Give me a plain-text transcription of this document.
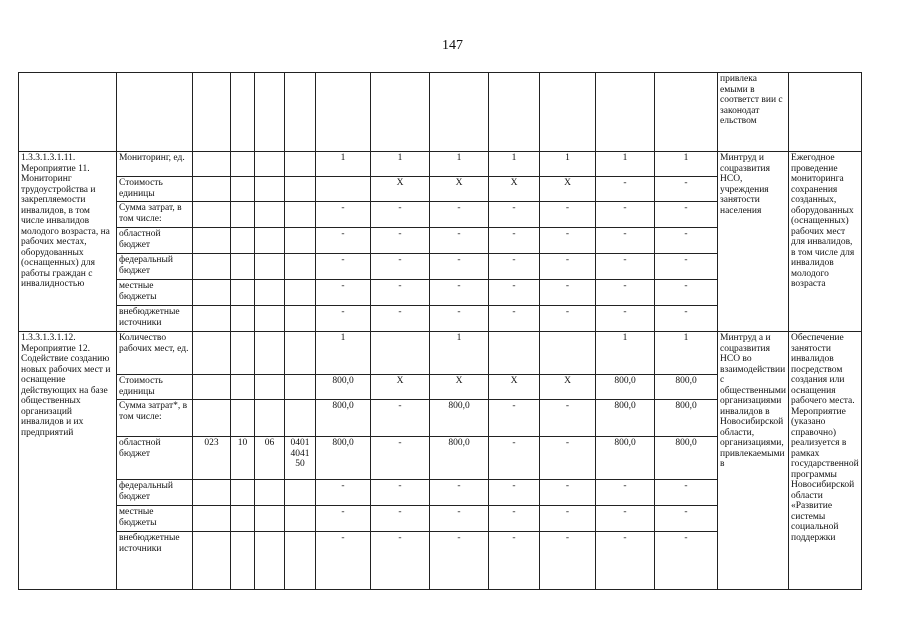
147
													привлека емыми в соответст вии с законодат ельством	
1.3.3.1.3.1.11. Мероприятие 11. Мониторинг трудоустройства и закрепляемости инвалидов, в том числе инвалидов молодого возраста, на рабочих местах, оборудованных (оснащенных) для работы граждан с инвалидностью	Мониторинг, ед.					1	1	1	1	1	1	1	Минтруд и соцразвития НСО, учреждения занятости населения	Ежегодное проведение мониторинга сохранения созданных, оборудованных (оснащенных) рабочих мест для инвалидов, в том числе для инвалидов молодого возраста
	Стоимость единицы						X	X	X	X	-	-		
	Сумма затрат, в том числе:					-	-	-	-	-	-	-		
	областной бюджет					-	-	-	-	-	-	-		
	федеральный бюджет					-	-	-	-	-	-	-		
	местные бюджеты					-	-	-	-	-	-	-		
	внебюджетные источники					-	-	-	-	-	-	-		
1.3.3.1.3.1.12. Мероприятие 12. Содействие созданию новых рабочих мест и оснащение действующих на базе общественных организаций инвалидов и их предприятий	Количество рабочих мест, ед.					1		1			1	1	Минтруд а и соцразвития НСО во взаимодействии с общественными организациями инвалидов в Новосибирской области, организациями, привлекаемыми в	Обеспечение занятости инвалидов посредством создания или оснащения рабочего места. Мероприятие (указано справочно) реализуется в рамках государственной программы Новосибирской области «Развитие системы социальной поддержки
	Стоимость единицы					800,0	X	X	X	X	800,0	800,0		
	Сумма затрат*, в том числе:					800,0	-	800,0	-	-	800,0	800,0		
	областной бюджет	023	10	06	0401 4041 50	800,0	-	800,0	-	-	800,0	800,0		
	федеральный бюджет					-	-	-	-	-	-	-		
	местные бюджеты					-	-	-	-	-	-	-		
	внебюджетные источники					-	-	-	-	-	-	-		
